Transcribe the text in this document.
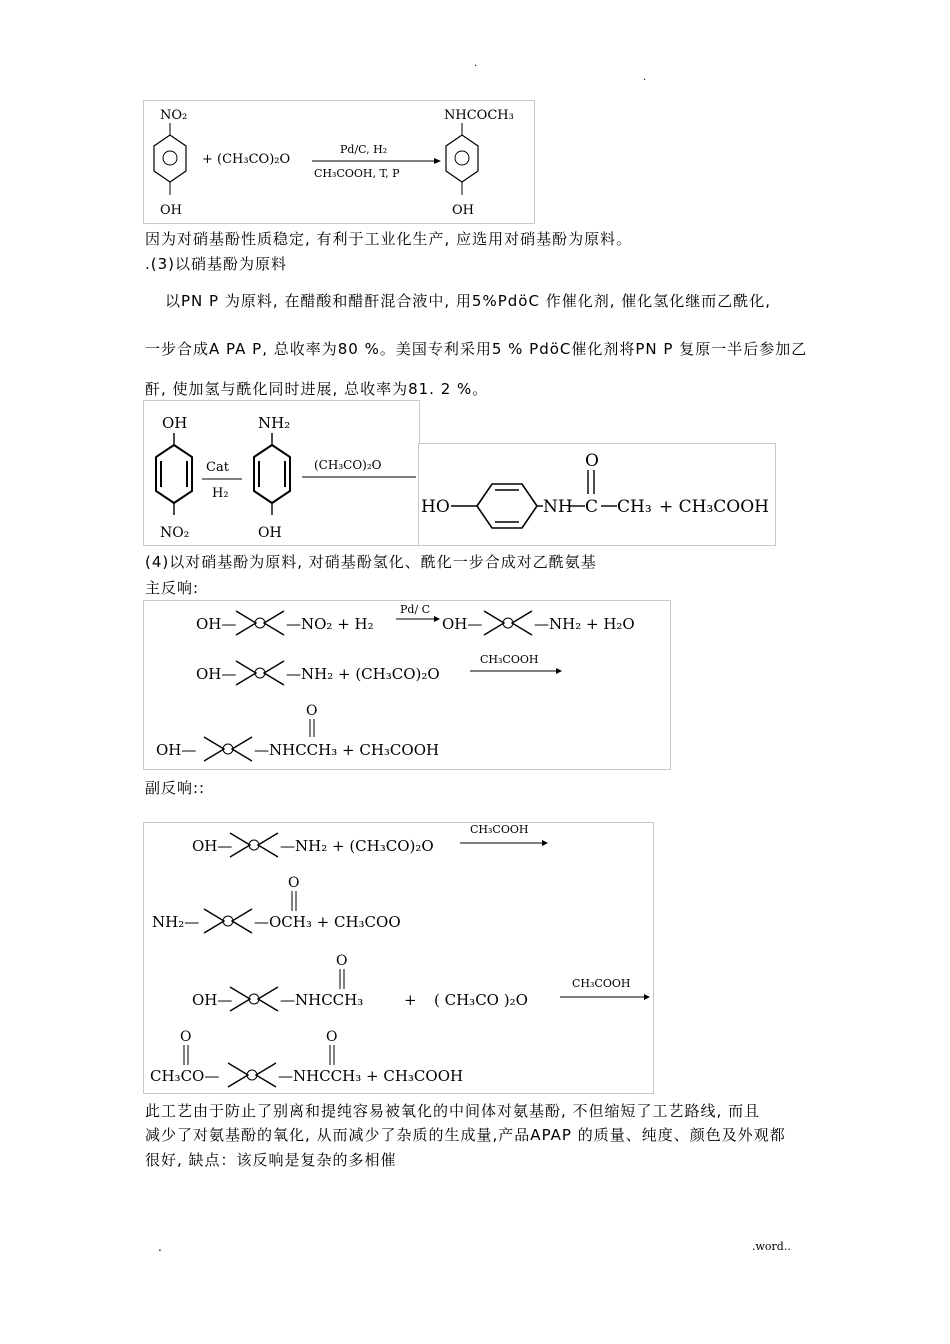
.
.
NO₂
OH
+ (CH₃CO)₂O
Pd/C, H₂
CH₃COOH, T, P
NHCOCH₃
OH
因为对硝基酚性质稳定, 有利于工业化生产, 应选用对硝基酚为原料。
.(3)以硝基酚为原料
以PN P 为原料, 在醋酸和醋酐混合液中, 用5%PdöC 作催化剂, 催化氢化继而乙酰化,
一步合成A PA P, 总收率为80 %。美国专利采用5 % PdöC催化剂将PN P 复原一半后参加乙
酐, 使加氢与酰化同时进展, 总收率为81. 2 %。
OH
NO₂
Cat
H₂
NH₂
OH
(CH₃CO)₂O
HO	NH C
O
CH₃ + CH₃COOH
(4)以对硝基酚为原料, 对硝基酚氢化、酰化一步合成对乙酰氨基
主反响:
OH—	—NO₂ + H₂
Pd/ C
OH—	—NH₂ + H₂O
OH—	—NH₂ + (CH₃CO)₂O
CH₃COOH
O
OH—	—NHCCH₃ + CH₃COOH
副反响::
OH—	—NH₂ + (CH₃CO)₂O
CH₃COOH
O
NH₂—	—OCH₃ + CH₃COO
O
OH—	—NHCCH₃	+ ( CH₃CO )₂O
CH₃COOH
O	O
CH₃CO—	—NHCCH₃ + CH₃COOH
此工艺由于防止了别离和提纯容易被氧化的中间体对氨基酚, 不但缩短了工艺路线, 而且
减少了对氨基酚的氧化, 从而减少了杂质的生成量,产品APAP 的质量、纯度、颜色及外观都
很好, 缺点：该反响是复杂的多相催
.	.word..
